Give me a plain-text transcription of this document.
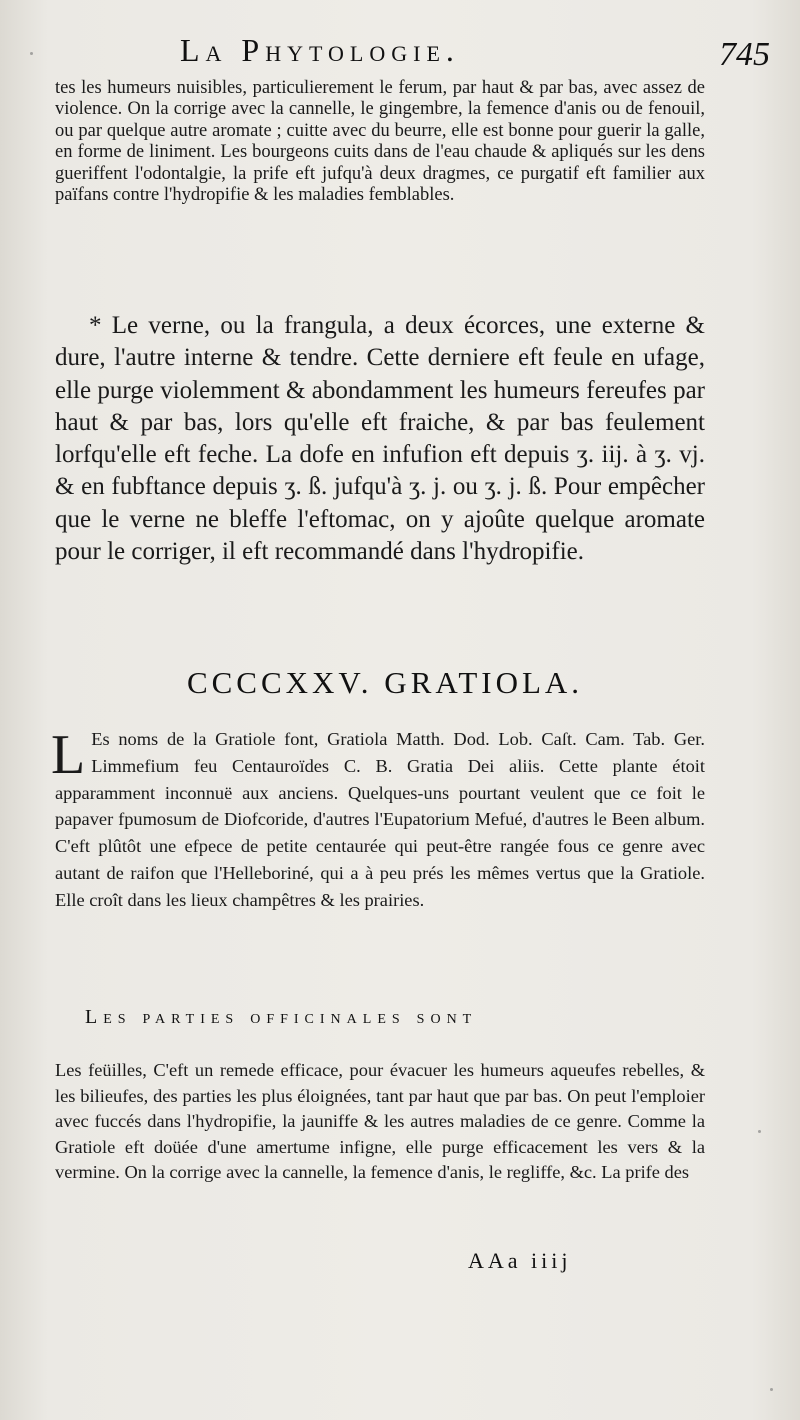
La Phytologie.	745

tes les humeurs nuisibles, particulierement le ferum, par haut & par bas, avec assez de violence. On la corrige avec la cannelle, le gingembre, la femence d'anis ou de fenouil, ou par quelque autre aromate ; cuitte avec du beurre, elle est bonne pour guerir la galle, en forme de liniment. Les bourgeons cuits dans de l'eau chaude & apliqués sur les dens gueriffent l'odontalgie, la prife eft jufqu'à deux dragmes, ce purgatif eft familier aux païfans contre l'hydropifie & les maladies femblables.

* Le verne, ou la frangula, a deux écorces, une externe & dure, l'autre interne & tendre. Cette derniere eft feule en ufage, elle purge violemment & abondamment les humeurs fereufes par haut & par bas, lors qu'elle eft fraiche, & par bas feulement lorfqu'elle eft feche. La dofe en infufion eft depuis ʒ. iij. à ʒ. vj. & en fubftance depuis ʒ. ß. jufqu'à ʒ. j. ou ʒ. j. ß. Pour empêcher que le verne ne bleffe l'eftomac, on y ajoûte quelque aromate pour le corriger, il eft recommandé dans l'hydropifie.

CCCCXXV. GRATIOLA.
L Es noms de la Gratiole font, Gratiola Matth. Dod. Lob. Caſt. Cam. Tab. Ger. Limmefium feu Centauroïdes C. B. Gratia Dei aliis. Cette plante étoit apparamment inconnuë aux anciens. Quelques-uns pourtant veulent que ce foit le papaver fpumosum de Diofcoride, d'autres l'Eupatorium Mefué, d'autres le Been album. C'eft plûtôt une efpece de petite centaurée qui peut-être rangée fous ce genre avec autant de raifon que l'Helleboriné, qui a à peu prés les mêmes vertus que la Gratiole. Elle croît dans les lieux champêtres & les prairies.
Les parties officinales sont

Les feüilles, C'eft un remede efficace, pour évacuer les humeurs aqueufes rebelles, & les bilieufes, des parties les plus éloignées, tant par haut que par bas. On peut l'emploier avec fuccés dans l'hydropifie, la jauniffe & les autres maladies de ce genre. Comme la Gratiole eft doüée d'une amertume infigne, elle purge efficacement les vers & la vermine. On la corrige avec la cannelle, la femence d'anis, le regliffe, &c. La prife des

AAa iiij
